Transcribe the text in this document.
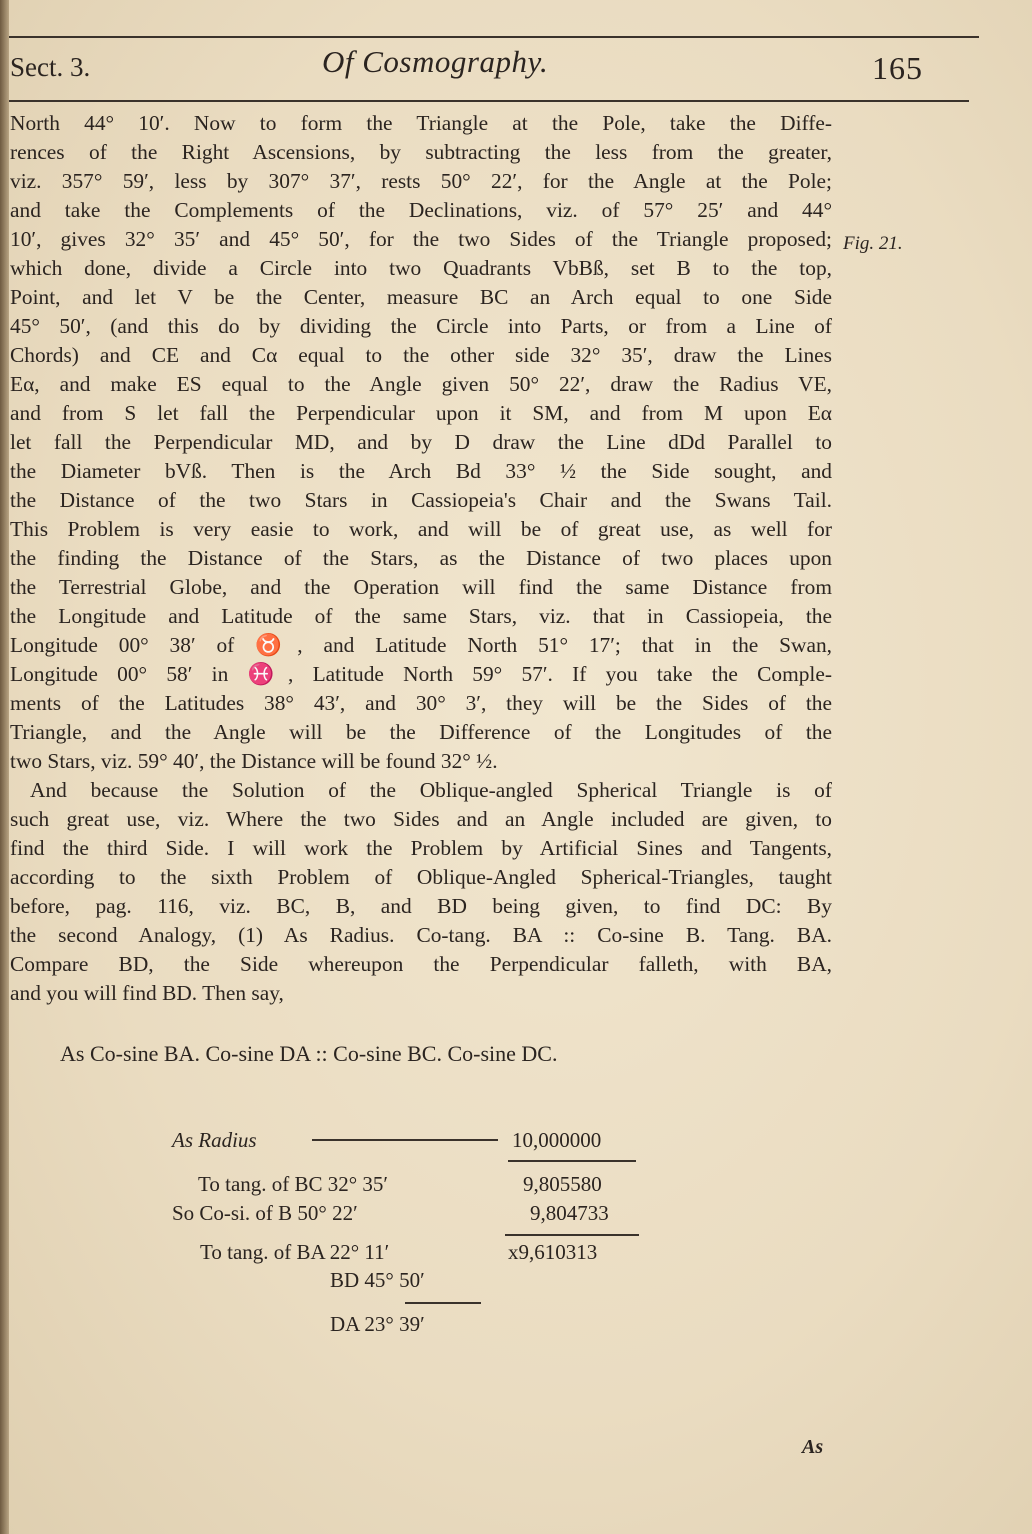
Sect. 3.	Of Cosmography.	165
North 44° 10′. Now to form the Triangle at the Pole, take the Diffe-
rences of the Right Ascensions, by subtracting the less from the greater,
viz. 357° 59′, less by 307° 37′, rests 50° 22′, for the Angle at the Pole;
and take the Complements of the Declinations, viz. of 57° 25′ and 44°
10′, gives 32° 35′ and 45° 50′, for the two Sides of the Triangle proposed;
which done, divide a Circle into two Quadrants VbBß, set B to the top,
Point, and let V be the Center, measure BC an Arch equal to one Side
45° 50′, (and this do by dividing the Circle into Parts, or from a Line of
Chords) and CE and Cα equal to the other side 32° 35′, draw the Lines
Eα, and make ES equal to the Angle given 50° 22′, draw the Radius VE,
and from S let fall the Perpendicular upon it SM, and from M upon Eα
let fall the Perpendicular MD, and by D draw the Line dDd Parallel to
the Diameter bVß. Then is the Arch Bd 33° ½ the Side sought, and
the Distance of the two Stars in Cassiopeia's Chair and the Swans Tail.
This Problem is very easie to work, and will be of great use, as well for
the finding the Distance of the Stars, as the Distance of two places upon
the Terrestrial Globe, and the Operation will find the same Distance from
the Longitude and Latitude of the same Stars, viz. that in Cassiopeia, the
Longitude 00° 38′ of ♉, and Latitude North 51° 17′; that in the Swan,
Longitude 00° 58′ in ♓, Latitude North 59° 57′. If you take the Comple-
ments of the Latitudes 38° 43′, and 30° 3′, they will be the Sides of the
Triangle, and the Angle will be the Difference of the Longitudes of the
two Stars, viz. 59° 40′, the Distance will be found 32° ½.
And because the Solution of the Oblique-angled Spherical Triangle is of
such great use, viz. Where the two Sides and an Angle included are given, to
find the third Side. I will work the Problem by Artificial Sines and Tangents,
according to the sixth Problem of Oblique-Angled Spherical-Triangles, taught
before, pag. 116, viz. BC, B, and BD being given, to find DC: By
the second Analogy, (1) As Radius. Co-tang. BA :: Co-sine B. Tang. BA.
Compare BD, the Side whereupon the Perpendicular falleth, with BA,
and you will find BD. Then say,
Fig. 21.
As Co-sine BA. Co-sine DA :: Co-sine BC. Co-sine DC.
As Radius	10,000000
To tang. of BC 32° 35′	9,805580
So Co-si. of B 50° 22′	9,804733
To tang. of BA 22° 11′	x9,610313
BD 45° 50′
DA 23° 39′
As
